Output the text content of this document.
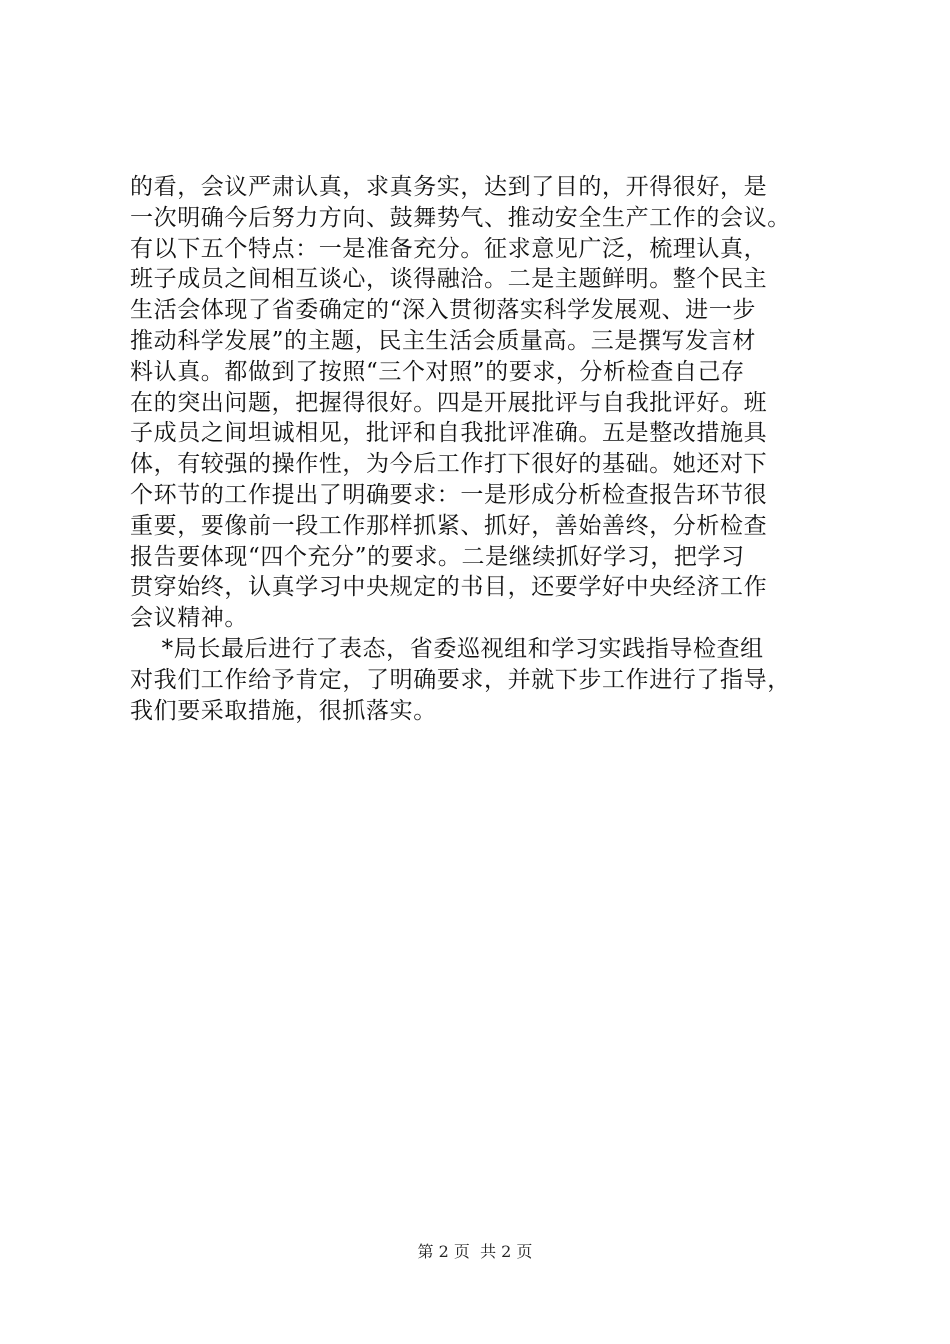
的看，会议严肃认真，求真务实，达到了目的，开得很好，是
一次明确今后努力方向、鼓舞势气、推动安全生产工作的会议。
有以下五个特点：一是准备充分。征求意见广泛，梳理认真，
班子成员之间相互谈心，谈得融洽。二是主题鲜明。整个民主
生活会体现了省委确定的“深入贯彻落实科学发展观、进一步
推动科学发展”的主题，民主生活会质量高。三是撰写发言材
料认真。都做到了按照“三个对照”的要求，分析检查自己存
在的突出问题，把握得很好。四是开展批评与自我批评好。班
子成员之间坦诚相见，批评和自我批评准确。五是整改措施具
体，有较强的操作性，为今后工作打下很好的基础。她还对下
个环节的工作提出了明确要求：一是形成分析检查报告环节很
重要，要像前一段工作那样抓紧、抓好，善始善终，分析检查
报告要体现“四个充分”的要求。二是继续抓好学习，把学习
贯穿始终，认真学习中央规定的书目，还要学好中央经济工作
会议精神。
*局长最后进行了表态，省委巡视组和学习实践指导检查组
对我们工作给予肯定，了明确要求，并就下步工作进行了指导，
我们要采取措施，很抓落实。
第 2 页  共 2 页
